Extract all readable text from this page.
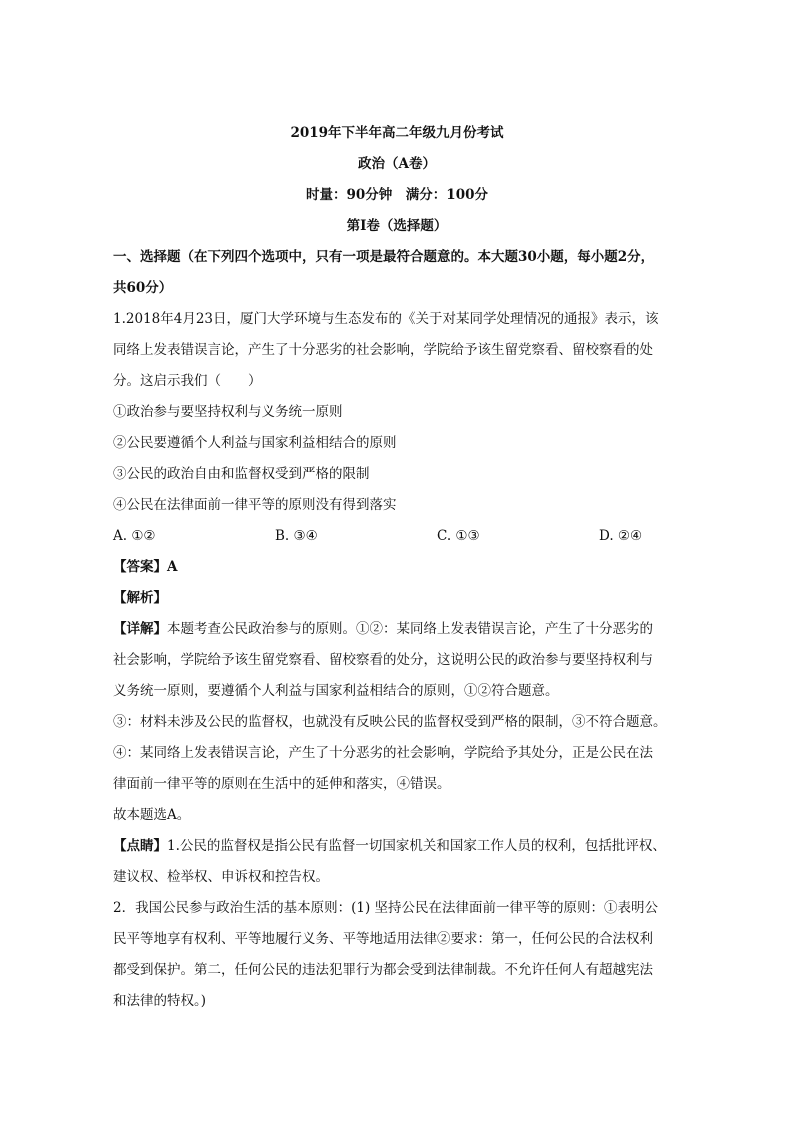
2019年下半年高二年级九月份考试
政治（A卷）
时量：90分钟　满分：100分
第Ⅰ卷（选择题）
一、选择题（在下列四个选项中，只有一项是最符合题意的。本大题30小题，每小题2分，
共60分）
1.2018年4月23日，厦门大学环境与生态发布的《关于对某同学处理情况的通报》表示，该
同络上发表错误言论，产生了十分恶劣的社会影响，学院给予该生留党察看、留校察看的处
分。这启示我们（　　）
①政治参与要坚持权利与义务统一原则
②公民要遵循个人利益与国家利益相结合的原则
③公民的政治自由和监督权受到严格的限制
④公民在法律面前一律平等的原则没有得到落实
A. ①②	B. ③④	C. ①③	D. ②④
【答案】A
【解析】
【详解】本题考查公民政治参与的原则。①②：某同络上发表错误言论，产生了十分恶劣的
社会影响，学院给予该生留党察看、留校察看的处分，这说明公民的政治参与要坚持权利与
义务统一原则，要遵循个人利益与国家利益相结合的原则，①②符合题意。
③：材料未涉及公民的监督权，也就没有反映公民的监督权受到严格的限制，③不符合题意。
④：某同络上发表错误言论，产生了十分恶劣的社会影响，学院给予其处分，正是公民在法
律面前一律平等的原则在生活中的延伸和落实，④错误。
故本题选A。
【点睛】1.公民的监督权是指公民有监督一切国家机关和国家工作人员的权利，包括批评权、
建议权、检举权、申诉权和控告权。
2．我国公民参与政治生活的基本原则：(1) 坚持公民在法律面前一律平等的原则：①表明公
民平等地享有权利、平等地履行义务、平等地适用法律②要求：第一，任何公民的合法权利
都受到保护。第二，任何公民的违法犯罪行为都会受到法律制裁。不允许任何人有超越宪法
和法律的特权。)
